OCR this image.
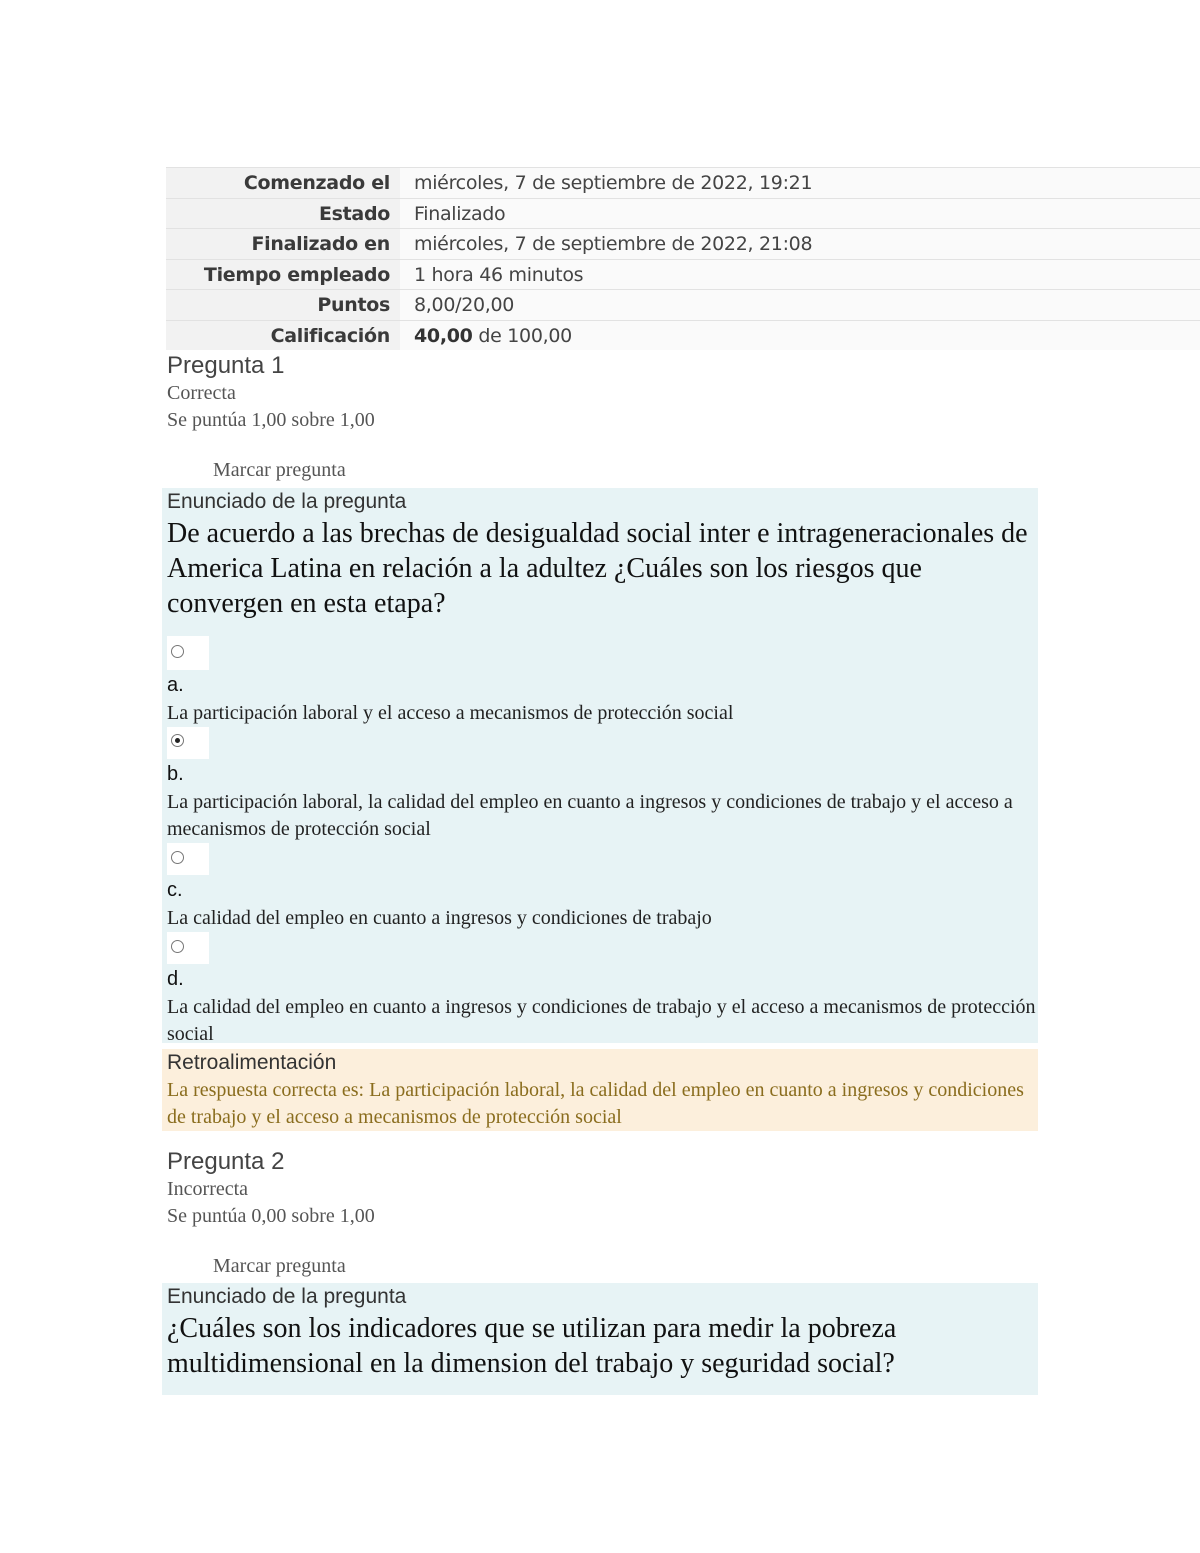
Comenzado el	miércoles, 7 de septiembre de 2022, 19:21
Estado	Finalizado
Finalizado en	miércoles, 7 de septiembre de 2022, 21:08
Tiempo empleado	1 hora 46 minutos
Puntos	8,00/20,00
Calificación	40,00 de 100,00
Pregunta 1
Correcta
Se puntúa 1,00 sobre 1,00
Marcar pregunta
Enunciado de la pregunta
De acuerdo a las brechas de desigualdad social inter e intrageneracionales de America Latina en relación a la adultez ¿Cuáles son los riesgos que convergen en esta etapa?
a.
La participación laboral y el acceso a mecanismos de protección social
b.
La participación laboral, la calidad del empleo en cuanto a ingresos y condiciones de trabajo y el acceso a mecanismos de protección social
c.
La calidad del empleo en cuanto a ingresos y condiciones de trabajo
d.
La calidad del empleo en cuanto a ingresos y condiciones de trabajo y el acceso a mecanismos de protección social
Retroalimentación
La respuesta correcta es: La participación laboral, la calidad del empleo en cuanto a ingresos y condiciones de trabajo y el acceso a mecanismos de protección social
Pregunta 2
Incorrecta
Se puntúa 0,00 sobre 1,00
Marcar pregunta
Enunciado de la pregunta
¿Cuáles son los indicadores que se utilizan para medir la pobreza multidimensional en la dimension del trabajo y seguridad social?
